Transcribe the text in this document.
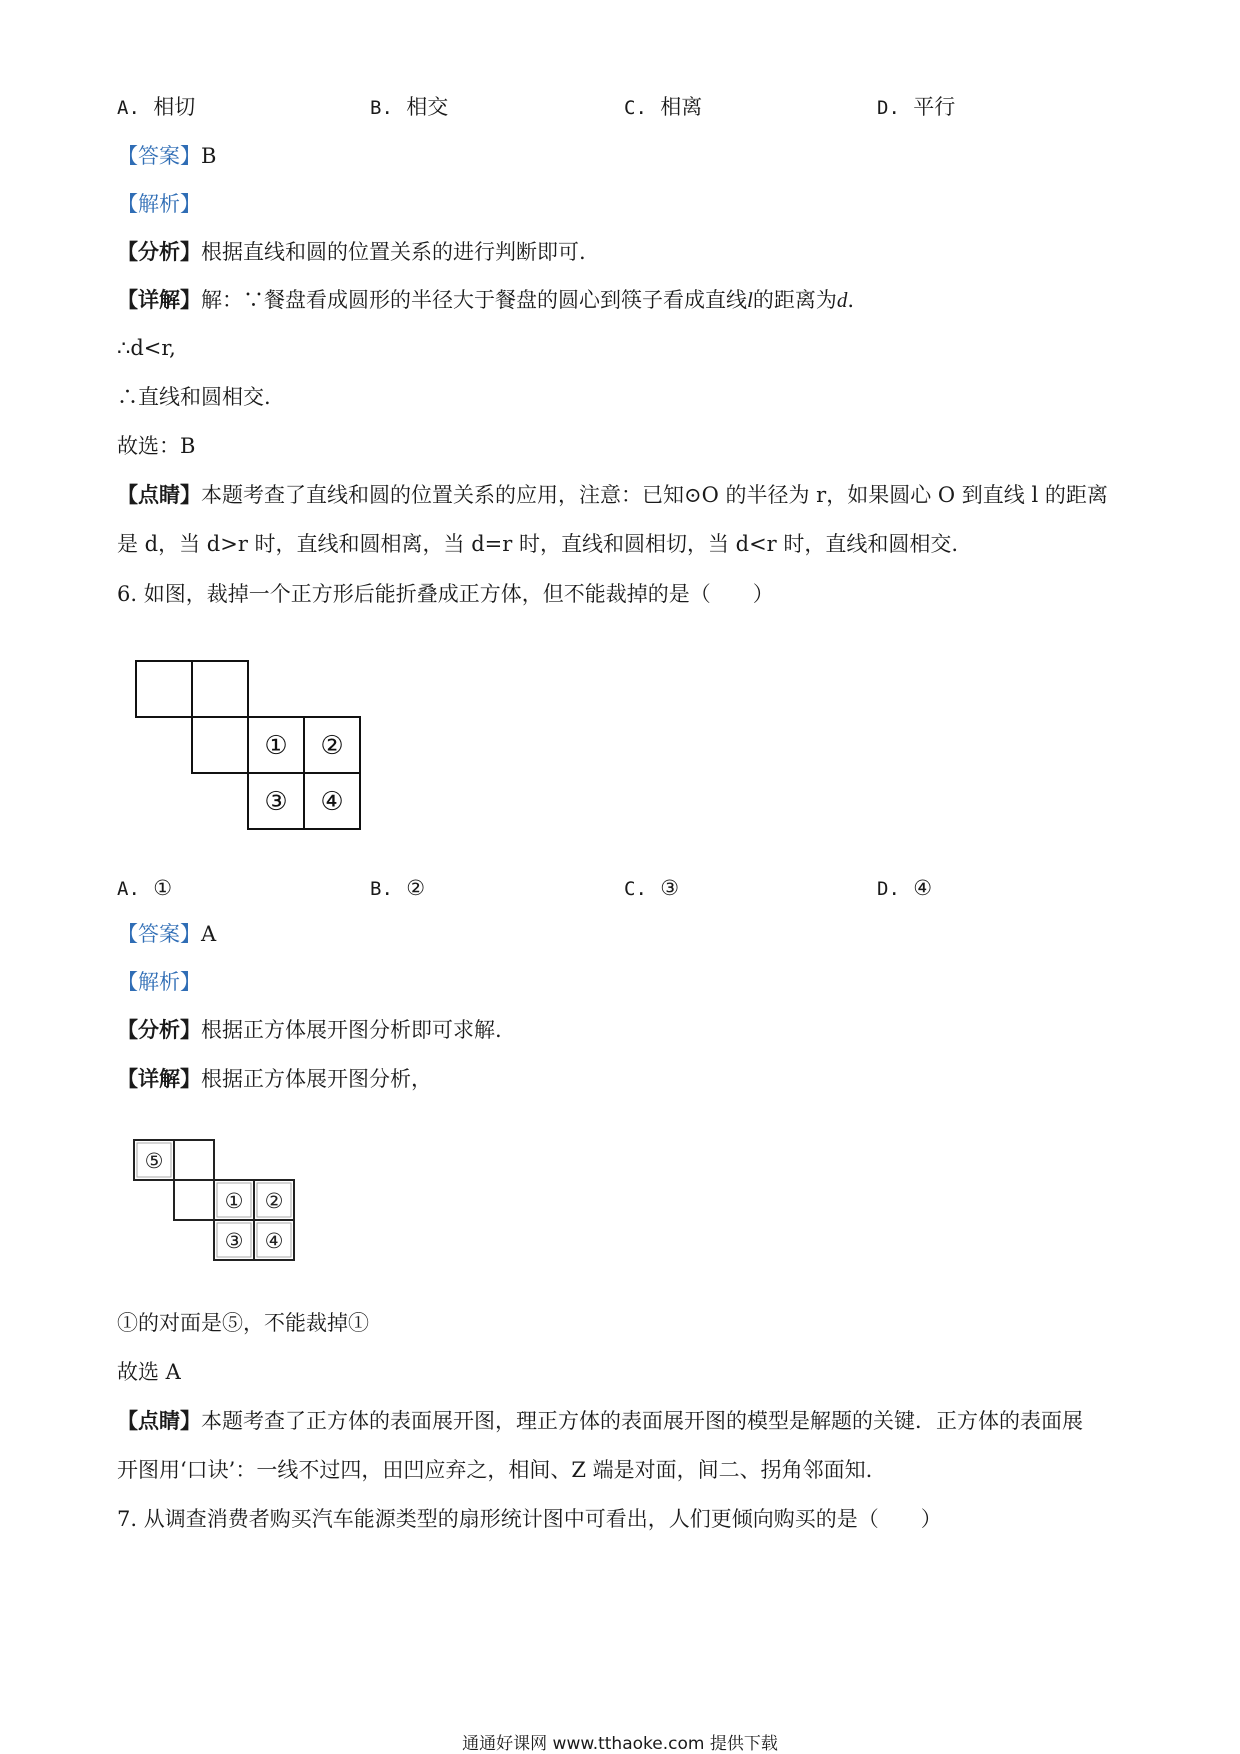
A. 相切	B. 相交	C. 相离	D. 平行
【答案】B
【解析】
【分析】根据直线和圆的位置关系的进行判断即可.
【详解】解：∵餐盘看成圆形的半径大于餐盘的圆心到筷子看成直线l的距离为d.
∴d<r,
∴直线和圆相交.
故选：B
【点睛】本题考查了直线和圆的位置关系的应用，注意：已知⊙O 的半径为 r，如果圆心 O 到直线 l 的距离
是 d，当 d>r 时，直线和圆相离，当 d=r 时，直线和圆相切，当 d<r 时，直线和圆相交.
6. 如图，裁掉一个正方形后能折叠成正方体，但不能裁掉的是（　　）
① ②
③ ④
A. ①	B. ②	C. ③	D. ④
【答案】A
【解析】
【分析】根据正方体展开图分析即可求解.
【详解】根据正方体展开图分析，
⑤
① ②
③ ④
①的对面是⑤，不能裁掉①
故选 A
【点睛】本题考查了正方体的表面展开图，理正方体的表面展开图的模型是解题的关键．正方体的表面展
开图用‘口诀’：一线不过四，田凹应弃之，相间、Z 端是对面，间二、拐角邻面知.
7. 从调查消费者购买汽车能源类型的扇形统计图中可看出，人们更倾向购买的是（　　）
通通好课网 www.tthaoke.com 提供下载
